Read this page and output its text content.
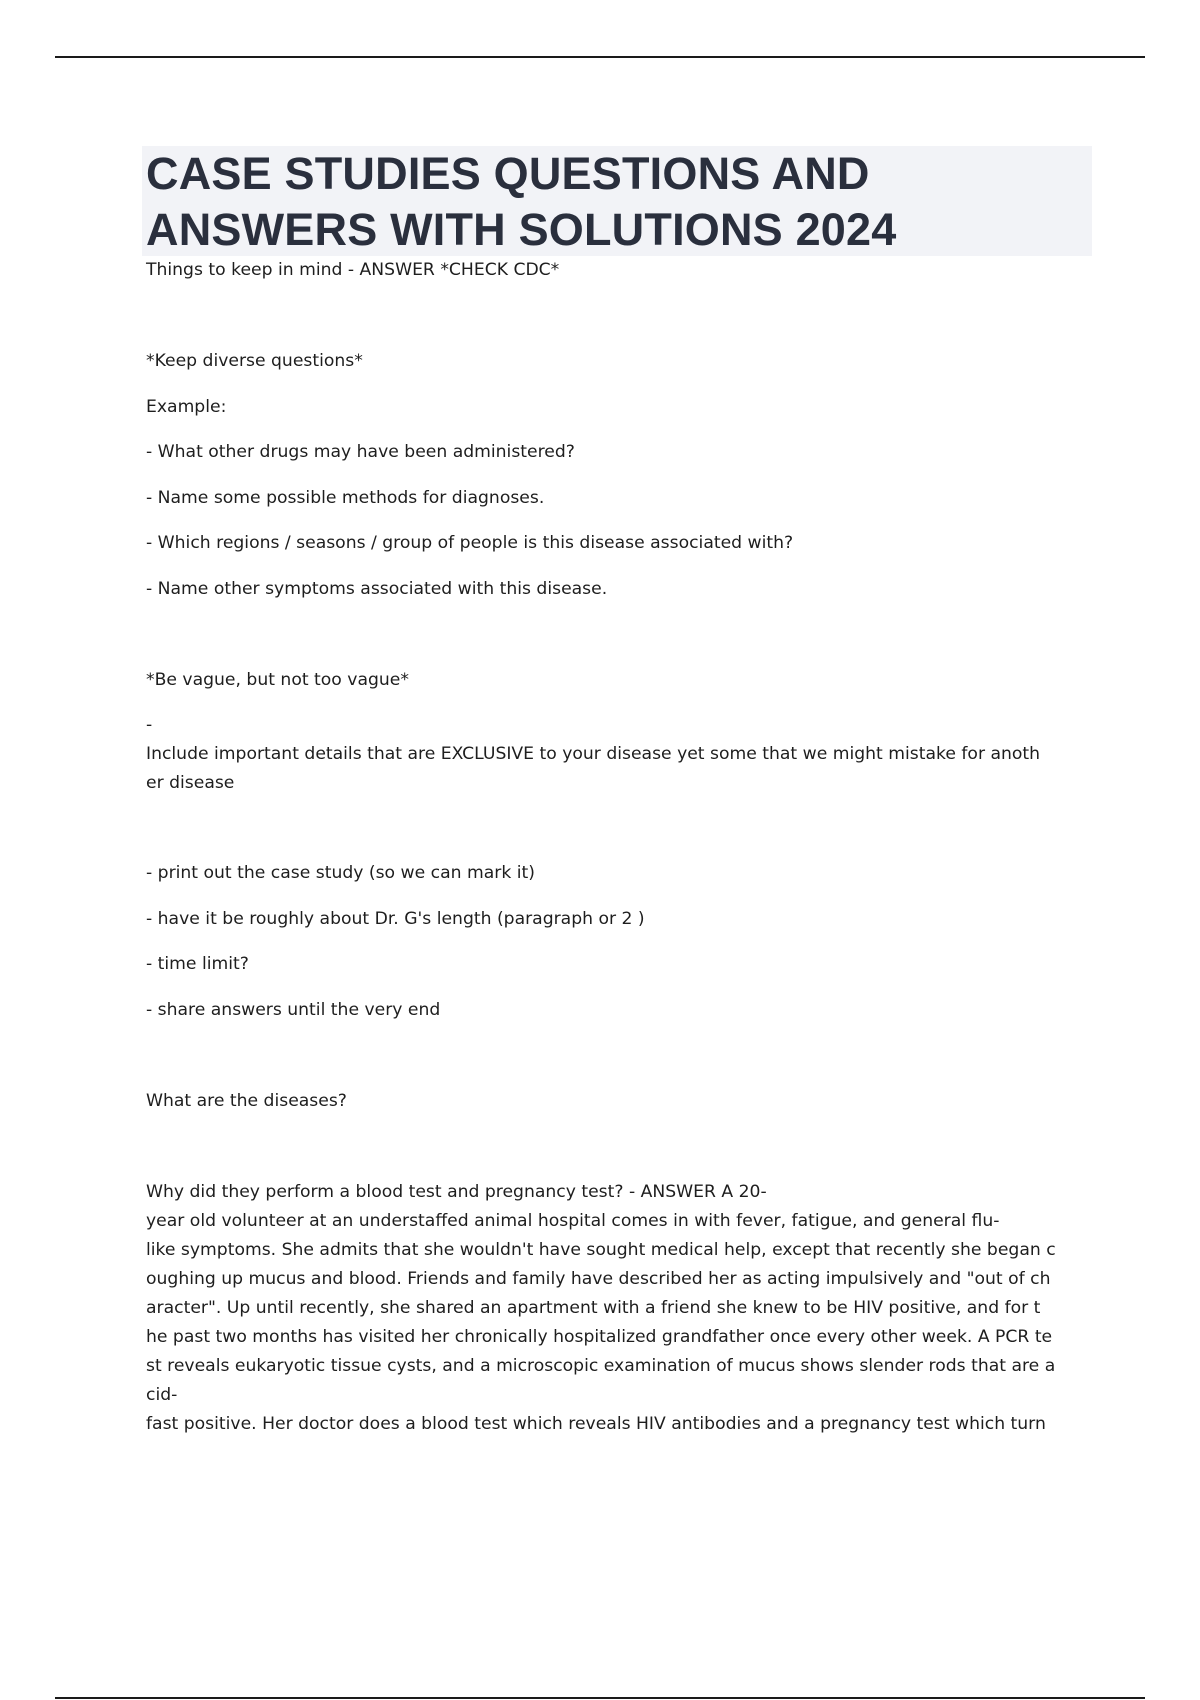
CASE STUDIES QUESTIONS AND
ANSWERS WITH SOLUTIONS 2024

Things to keep in mind - ANSWER *CHECK CDC*

*Keep diverse questions*

Example:

- What other drugs may have been administered?

- Name some possible methods for diagnoses.

- Which regions / seasons / group of people is this disease associated with?

- Name other symptoms associated with this disease.

*Be vague, but not too vague*

-

Include important details that are EXCLUSIVE to your disease yet some that we might mistake for anoth

er disease

- print out the case study (so we can mark it)

- have it be roughly about Dr. G's length (paragraph or 2 )

- time limit?

- share answers until the very end

What are the diseases?

Why did they perform a blood test and pregnancy test? - ANSWER A 20-

year old volunteer at an understaffed animal hospital comes in with fever, fatigue, and general flu-

like symptoms. She admits that she wouldn't have sought medical help, except that recently she began c

oughing up mucus and blood. Friends and family have described her as acting impulsively and "out of ch

aracter". Up until recently, she shared an apartment with a friend she knew to be HIV positive, and for t

he past two months has visited her chronically hospitalized grandfather once every other week. A PCR te

st reveals eukaryotic tissue cysts, and a microscopic examination of mucus shows slender rods that are a

cid-

fast positive. Her doctor does a blood test which reveals HIV antibodies and a pregnancy test which turn
